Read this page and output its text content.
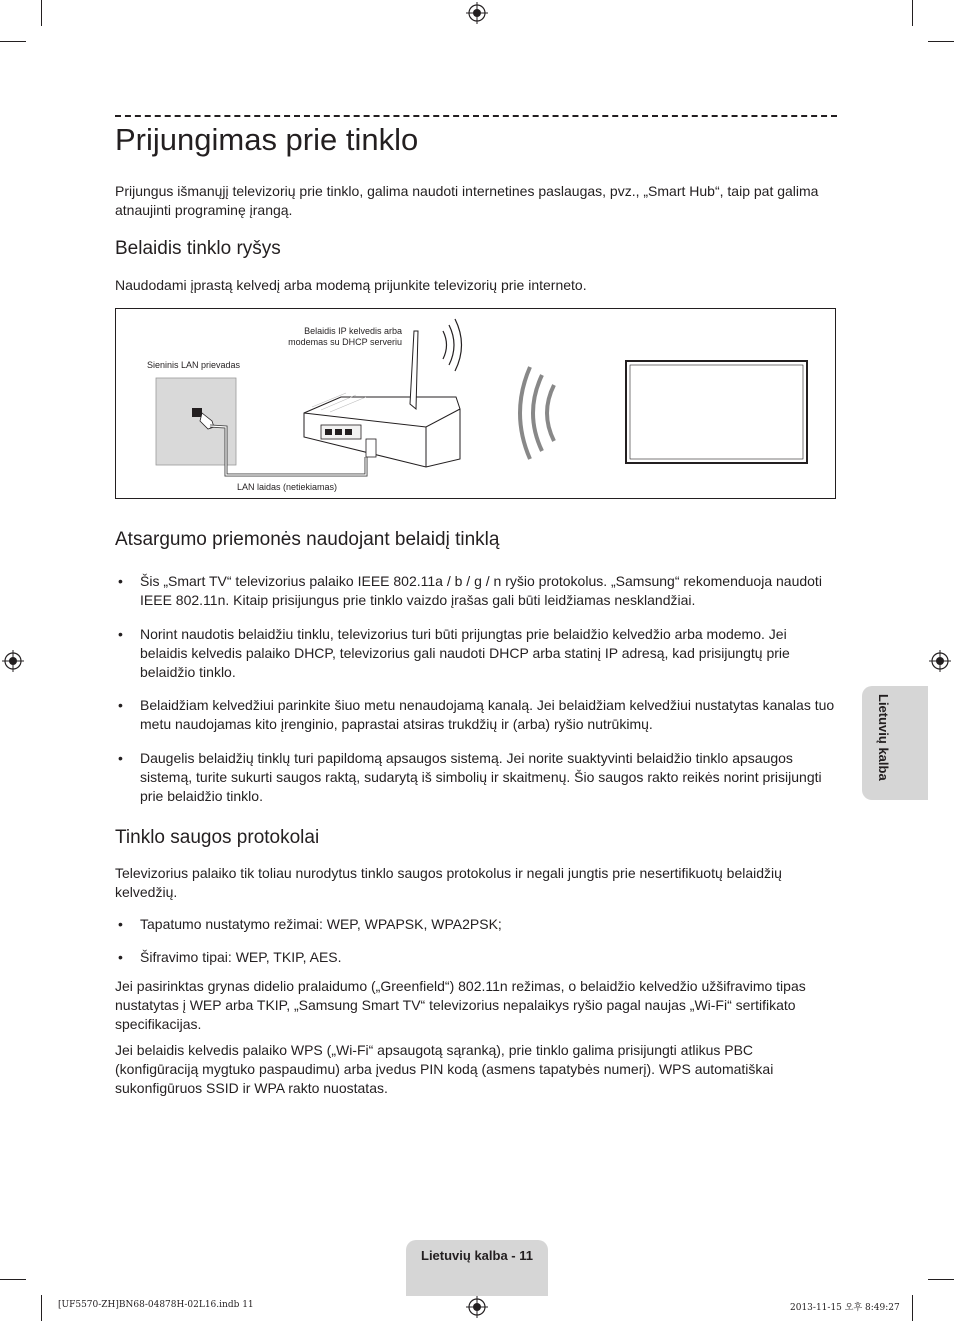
Prijungimas prie tinklo

Prijungus išmanųjį televizorių prie tinklo, galima naudoti internetines paslaugas, pvz., „Smart Hub“, taip pat galima atnaujinti programinę įrangą.

Belaidis tinklo ryšys

Naudodami įprastą kelvedį arba modemą prijunkite televizorių prie interneto.

Belaidis IP kelvedis arba
modemas su DHCP serveriu
Sieninis LAN prievadas
LAN laidas (netiekiamas)
Atsargumo priemonės naudojant belaidį tinklą

•	Šis „Smart TV“ televizorius palaiko IEEE 802.11a / b / g / n ryšio protokolus. „Samsung“ rekomenduoja naudoti IEEE 802.11n. Kitaip prisijungus prie tinklo vaizdo įrašas gali būti leidžiamas nesklandžiai.

•	Norint naudotis belaidžiu tinklu, televizorius turi būti prijungtas prie belaidžio kelvedžio arba modemo. Jei belaidis kelvedis palaiko DHCP, televizorius gali naudoti DHCP arba statinį IP adresą, kad prisijungtų prie belaidžio tinklo.

•	Belaidžiam kelvedžiui parinkite šiuo metu nenaudojamą kanalą. Jei belaidžiam kelvedžiui nustatytas kanalas tuo metu naudojamas kito įrenginio, paprastai atsiras trukdžių ir (arba) ryšio nutrūkimų.

•	Daugelis belaidžių tinklų turi papildomą apsaugos sistemą. Jei norite suaktyvinti belaidžio tinklo apsaugos sistemą, turite sukurti saugos raktą, sudarytą iš simbolių ir skaitmenų. Šio saugos rakto reikės norint prisijungti prie belaidžio tinklo.

Tinklo saugos protokolai

Televizorius palaiko tik toliau nurodytus tinklo saugos protokolus ir negali jungtis prie nesertifikuotų belaidžių kelvedžių.

•	Tapatumo nustatymo režimai: WEP, WPAPSK, WPA2PSK;

•	Šifravimo tipai: WEP, TKIP, AES.

Jei pasirinktas grynas didelio pralaidumo („Greenfield“) 802.11n režimas, o belaidžio kelvedžio užšifravimo tipas nustatytas į WEP arba TKIP, „Samsung Smart TV“ televizorius nepalaikys ryšio pagal naujas „Wi-Fi“ sertifikato specifikacijas.

Jei belaidis kelvedis palaiko WPS („Wi-Fi“ apsaugotą sąranką), prie tinklo galima prisijungti atlikus PBC (konfigūraciją mygtuko paspaudimu) arba įvedus PIN kodą (asmens tapatybės numerį). WPS automatiškai sukonfigūruos SSID ir WPA rakto nuostatas.

Lietuvių kalba
Lietuvių kalba - 11
[UF5570-ZH]BN68-04878H-02L16.indb 11	2013-11-15 오후 8:49:27
